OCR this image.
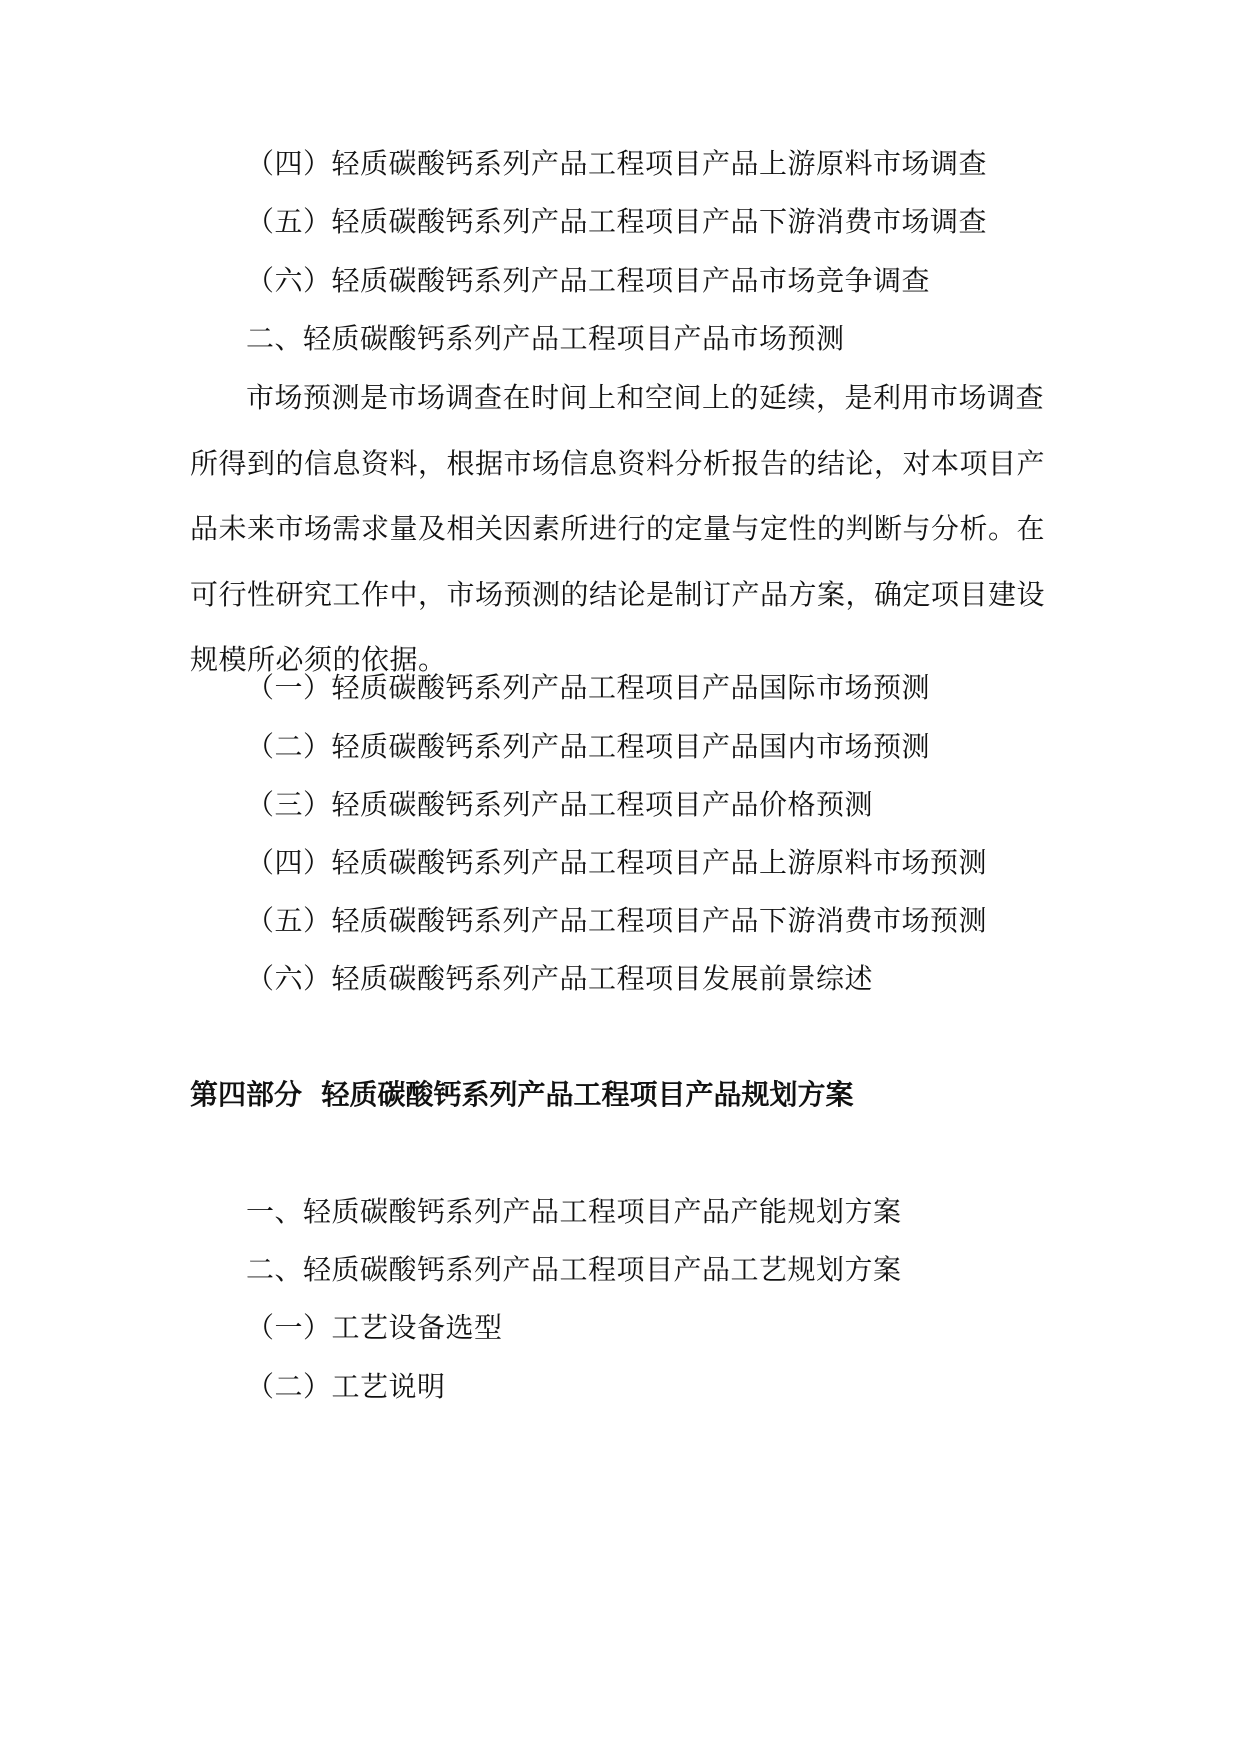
（四）轻质碳酸钙系列产品工程项目产品上游原料市场调查
（五）轻质碳酸钙系列产品工程项目产品下游消费市场调查
（六）轻质碳酸钙系列产品工程项目产品市场竞争调查
二、轻质碳酸钙系列产品工程项目产品市场预测
市场预测是市场调查在时间上和空间上的延续，是利用市场调查
所得到的信息资料，根据市场信息资料分析报告的结论，对本项目产
品未来市场需求量及相关因素所进行的定量与定性的判断与分析。在
可行性研究工作中，市场预测的结论是制订产品方案，确定项目建设
规模所必须的依据。
（一）轻质碳酸钙系列产品工程项目产品国际市场预测
（二）轻质碳酸钙系列产品工程项目产品国内市场预测
（三）轻质碳酸钙系列产品工程项目产品价格预测
（四）轻质碳酸钙系列产品工程项目产品上游原料市场预测
（五）轻质碳酸钙系列产品工程项目产品下游消费市场预测
（六）轻质碳酸钙系列产品工程项目发展前景综述
第四部分  轻质碳酸钙系列产品工程项目产品规划方案
一、轻质碳酸钙系列产品工程项目产品产能规划方案
二、轻质碳酸钙系列产品工程项目产品工艺规划方案
（一）工艺设备选型
（二）工艺说明
